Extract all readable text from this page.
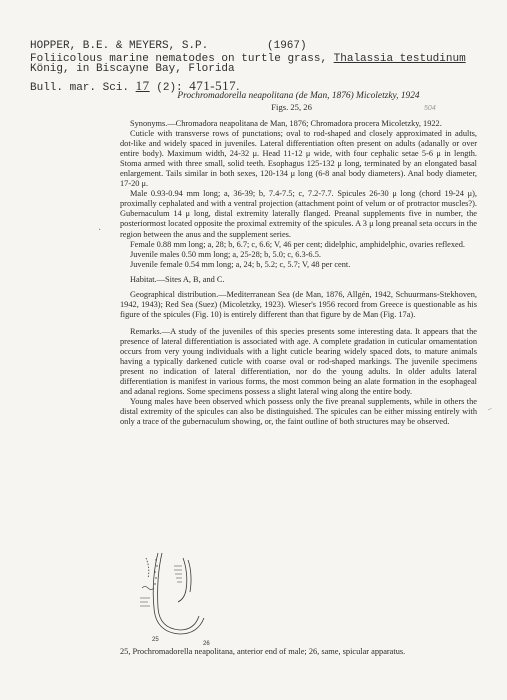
HOPPER, B.E. & MEYERS, S.P.	(1967)
Foliicolous marine nematodes on turtle grass, Thalassia testudinum
König, in Biscayne Bay, Florida
Bull. mar. Sci. 17 (2): 471-517.

Prochromadorella neapolitana (de Man, 1876) Micoletzky, 1924

Figs. 25, 26	504

Synonyms.—Chromadora neapolitana de Man, 1876; Chromadora procera Micoletzky, 1922.

Cuticle with transverse rows of punctations; oval to rod-shaped and closely approximated in adults, dot-like and widely spaced in juveniles. Lateral differentiation often present on adults (adanally or over entire body). Maximum width, 24-32 μ. Head 11-12 μ wide, with four cephalic setae 5-6 μ in length. Stoma armed with three small, solid teeth. Esophagus 125-132 μ long, terminated by an elongated basal enlargement. Tails similar in both sexes, 120-134 μ long (6-8 anal body diameters). Anal body diameter, 17-20 μ.

Male 0.93-0.94 mm long; a, 36-39; b, 7.4-7.5; c, 7.2-7.7. Spicules 26-30 μ long (chord 19-24 μ), proximally cephalated and with a ventral projection (attachment point of velum or of protractor muscles?). Gubernaculum 14 μ long, distal extremity laterally flanged. Preanal supplements five in number, the posteriormost located opposite the proximal extremity of the spicules. A 3 μ long preanal seta occurs in the region between the anus and the supplement series.

Female 0.88 mm long; a, 28; b, 6.7; c, 6.6; V, 46 per cent; didelphic, amphidelphic, ovaries reflexed.

Juvenile males 0.50 mm long; a, 25-28; b, 5.0; c, 6.3-6.5.

Juvenile female 0.54 mm long; a, 24; b, 5.2; c, 5.7; V, 48 per cent.

Habitat.—Sites A, B, and C.

Geographical distribution.—Mediterranean Sea (de Man, 1876, Allgén, 1942, Schuurmans-Stekhoven, 1942, 1943); Red Sea (Suez) (Micoletzky, 1923). Wieser's 1956 record from Greece is questionable as his figure of the spicules (Fig. 10) is entirely different than that figure by de Man (Fig. 17a).

Remarks.—A study of the juveniles of this species presents some interesting data. It appears that the presence of lateral differentiation is associated with age. A complete gradation in cuticular ornamentation occurs from very young individuals with a light cuticle bearing widely spaced dots, to mature animals having a typically darkened cuticle with coarse oval or rod-shaped markings. The juvenile specimens present no indication of lateral differentiation, nor do the young adults. In older adults lateral differentiation is manifest in various forms, the most common being an alate formation in the esophageal and adanal regions. Some specimens possess a slight lateral wing along the entire body.

Young males have been observed which possess only the five preanal supplements, while in others the distal extremity of the spicules can also be distinguished. The spicules can be either missing entirely with only a trace of the gubernaculum showing, or, the faint outline of both structures may be observed.

·
⁻
25
26
25, Prochromadorella neapolitana, anterior end of male; 26, same, spicular apparatus.
